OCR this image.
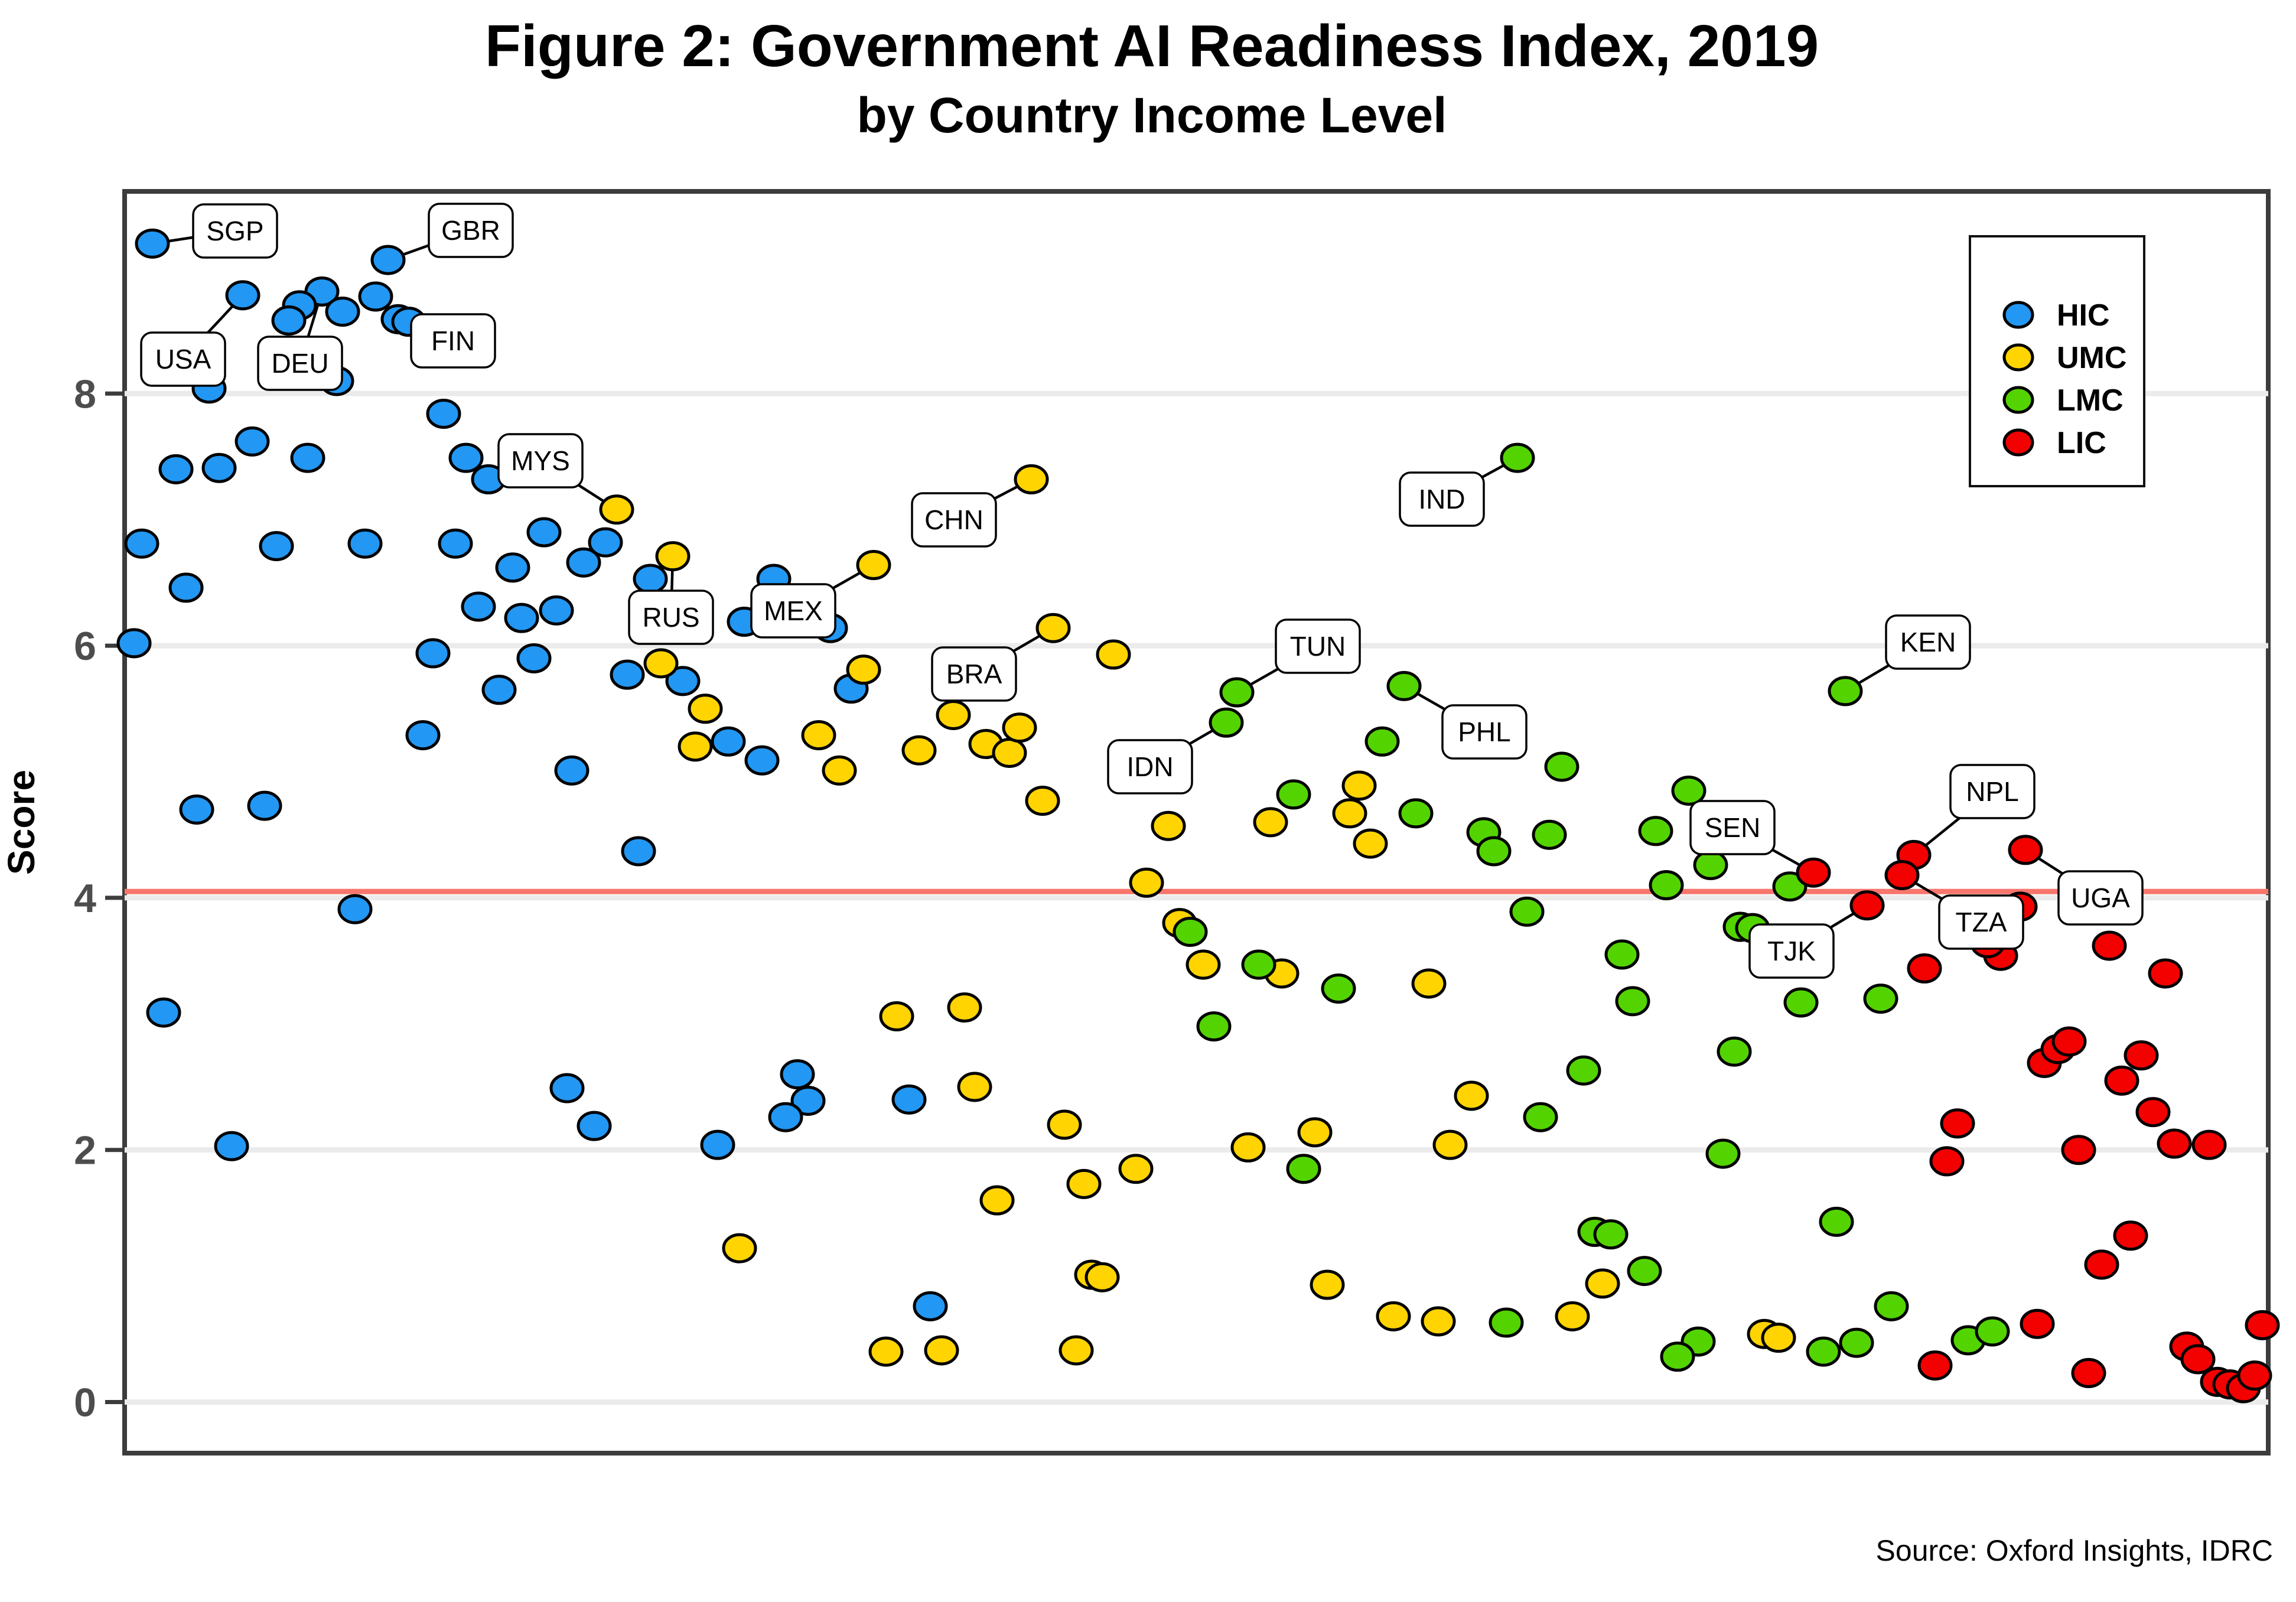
Figure 2: Government AI Readiness Index, 2019
by Country Income Level
0
2
4
6
8
SGP	GBR
USA DEU
FIN
MYS
CHN
RUS MEX
BRA
IND
TUN
IDN
PHL
KEN
SEN
NPL
TZA
TJK
UGA
HIC
UMC
LMC
LIC
Score
Source: Oxford Insights, IDRC
